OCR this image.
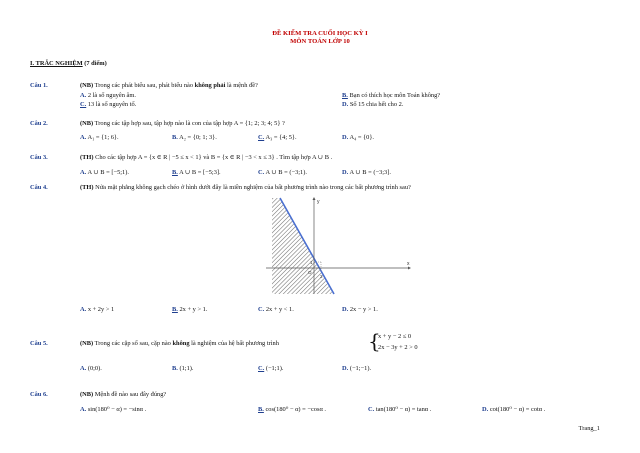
ĐỀ KIỂM TRA CUỐI HỌC KỲ I
MÔN TOÁN LỚP 10
I. TRẮC NGHIỆM (7 điểm)
Câu 1.	(NB) Trong các phát biểu sau, phát biểu nào không phải là mệnh đề?
A. 2 là số nguyên âm.	B. Bạn có thích học môn Toán không?
C. 13 là số nguyên tố.	D. Số 15 chia hết cho 2.
Câu 2.	(NB) Trong các tập hợp sau, tập hợp nào là con của tập hợp A = {1; 2; 3; 4; 5} ?
A. A₁ = {1; 6}.	B. A₂ = {0; 1; 3}.	C. A₃ = {4; 5}.	D. A₄ = {0}.
Câu 3.	(TH) Cho các tập hợp A = {x ∈ R | −5 ≤ x < 1} và B = {x ∈ R | −3 < x ≤ 3} . Tìm tập hợp A ∪ B .
A. A ∪ B = [−5;1).	B. A ∪ B = [−5;3].	C. A ∪ B = (−3;1).	D. A ∪ B = (−3;3].
Câu 4.	(TH) Nửa mặt phẳng không gạch chéo ở hình dưới đây là miền nghiệm của bất phương trình nào trong các bất phương trình sau?
x
y
O
2
1
A. x + 2y > 1	B. 2x + y > 1.	C. 2x + y < 1.	D. 2x − y > 1.
Câu 5.	(NB) Trong các cặp số sau, cặp nào không là nghiệm của hệ bất phương trình	{
x + y − 2 ≤ 0
2x − 3y + 2 > 0
A. (0;0).	B. (1;1).	C. (−1;1).	D. (−1;−1).
Câu 6.	(NB) Mệnh đề nào sau đây đúng?
A. sin(180⁰ − α) = −sinα .	B. cos(180⁰ − α) = −cosα .	C. tan(180⁰ − α) = tanα .	D. cot(180⁰ − α) = cotα .
Trang_1
